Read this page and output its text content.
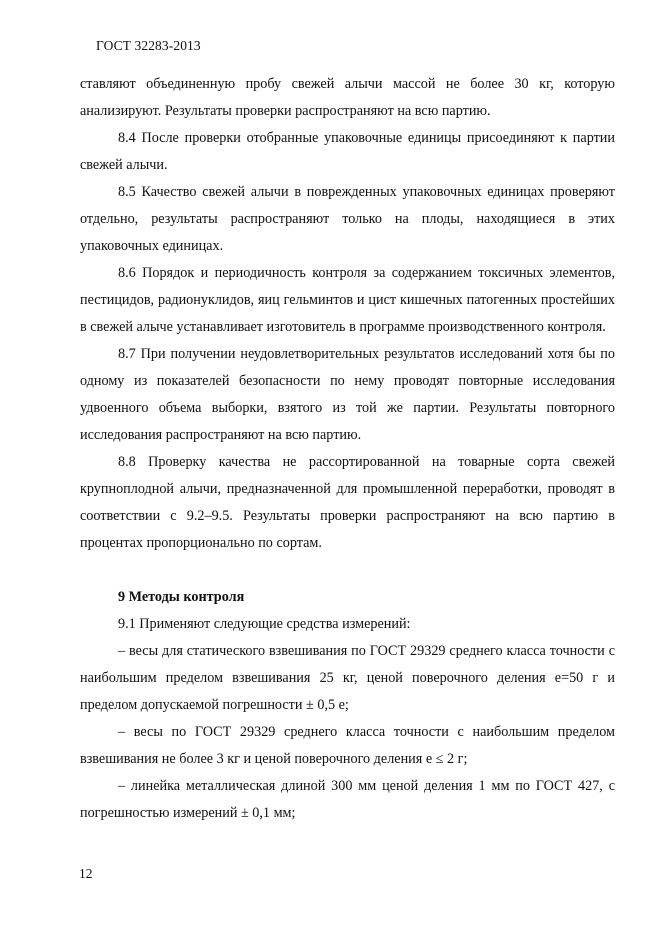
ГОСТ 32283-2013

ставляют объединенную пробу свежей алычи массой не более 30 кг, которую анализируют. Результаты проверки распространяют на всю партию.

8.4 После проверки отобранные упаковочные единицы присоединяют к партии свежей алычи.

8.5 Качество свежей алычи в поврежденных упаковочных единицах проверяют отдельно, результаты распространяют только на плоды, находящиеся в этих упаковочных единицах.

8.6 Порядок и периодичность контроля за содержанием токсичных элементов, пестицидов, радионуклидов, яиц гельминтов и цист кишечных патогенных простейших в свежей алыче устанавливает изготовитель в программе производственного контроля.

8.7 При получении неудовлетворительных результатов исследований хотя бы по одному из показателей безопасности по нему проводят повторные исследования удвоенного объема выборки, взятого из той же партии. Результаты повторного исследования распространяют на всю партию.

8.8 Проверку качества не рассортированной на товарные сорта свежей крупноплодной алычи, предназначенной для промышленной переработки, проводят в соответствии с 9.2–9.5. Результаты проверки распространяют на всю партию в процентах пропорционально по сортам.

9 Методы контроля

9.1 Применяют следующие средства измерений:

– весы для статического взвешивания по ГОСТ 29329 среднего класса точности с наибольшим пределом взвешивания 25 кг, ценой поверочного деления е=50 г и пределом допускаемой погрешности ± 0,5 е;

– весы по ГОСТ 29329 среднего класса точности с наибольшим пределом взвешивания не более 3 кг и ценой поверочного деления е ≤ 2 г;

– линейка металлическая длиной 300 мм ценой деления 1 мм по ГОСТ 427, с погрешностью измерений ± 0,1 мм;

12
